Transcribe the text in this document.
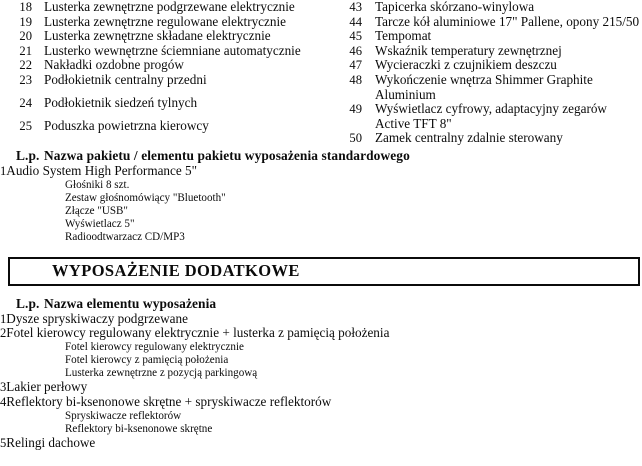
18 Lusterka zewnętrzne podgrzewane elektrycznie
19 Lusterka zewnętrzne regulowane elektrycznie
20 Lusterka zewnętrzne składane elektrycznie
21 Lusterko wewnętrzne ściemniane automatycznie
22 Nakładki ozdobne progów
23 Podłokietnik centralny przedni
24 Podłokietnik siedzeń tylnych
25 Poduszka powietrzna kierowcy
43 Tapicerka skórzano-winylowa
44 Tarcze kół aluminiowe 17" Pallene, opony 215/50
45 Tempomat
46 Wskaźnik temperatury zewnętrznej
47 Wycieraczki z czujnikiem deszczu
48 Wykończenie wnętrza Shimmer Graphite Aluminium
49 Wyświetlacz cyfrowy, adaptacyjny zegarów Active TFT 8"
50 Zamek centralny zdalnie sterowany
L.p. Nazwa pakietu / elementu pakietu wyposażenia standardowego
1 Audio System High Performance 5"
Głośniki 8 szt.
Zestaw głośnomówiący "Bluetooth"
Złącze "USB"
Wyświetlacz 5"
Radioodtwarzacz CD/MP3
WYPOSAŻENIE DODATKOWE
L.p. Nazwa elementu wyposażenia
1 Dysze spryskiwaczy podgrzewane
2 Fotel kierowcy regulowany elektrycznie + lusterka z pamięcią położenia
Fotel kierowcy regulowany elektrycznie
Fotel kierowcy z pamięcią położenia
Lusterka zewnętrzne z pozycją parkingową
3 Lakier perłowy
4 Reflektory bi-ksenonowe skrętne + spryskiwacze reflektorów
Spryskiwacze reflektorów
Reflektory bi-ksenonowe skrętne
5 Relingi dachowe
